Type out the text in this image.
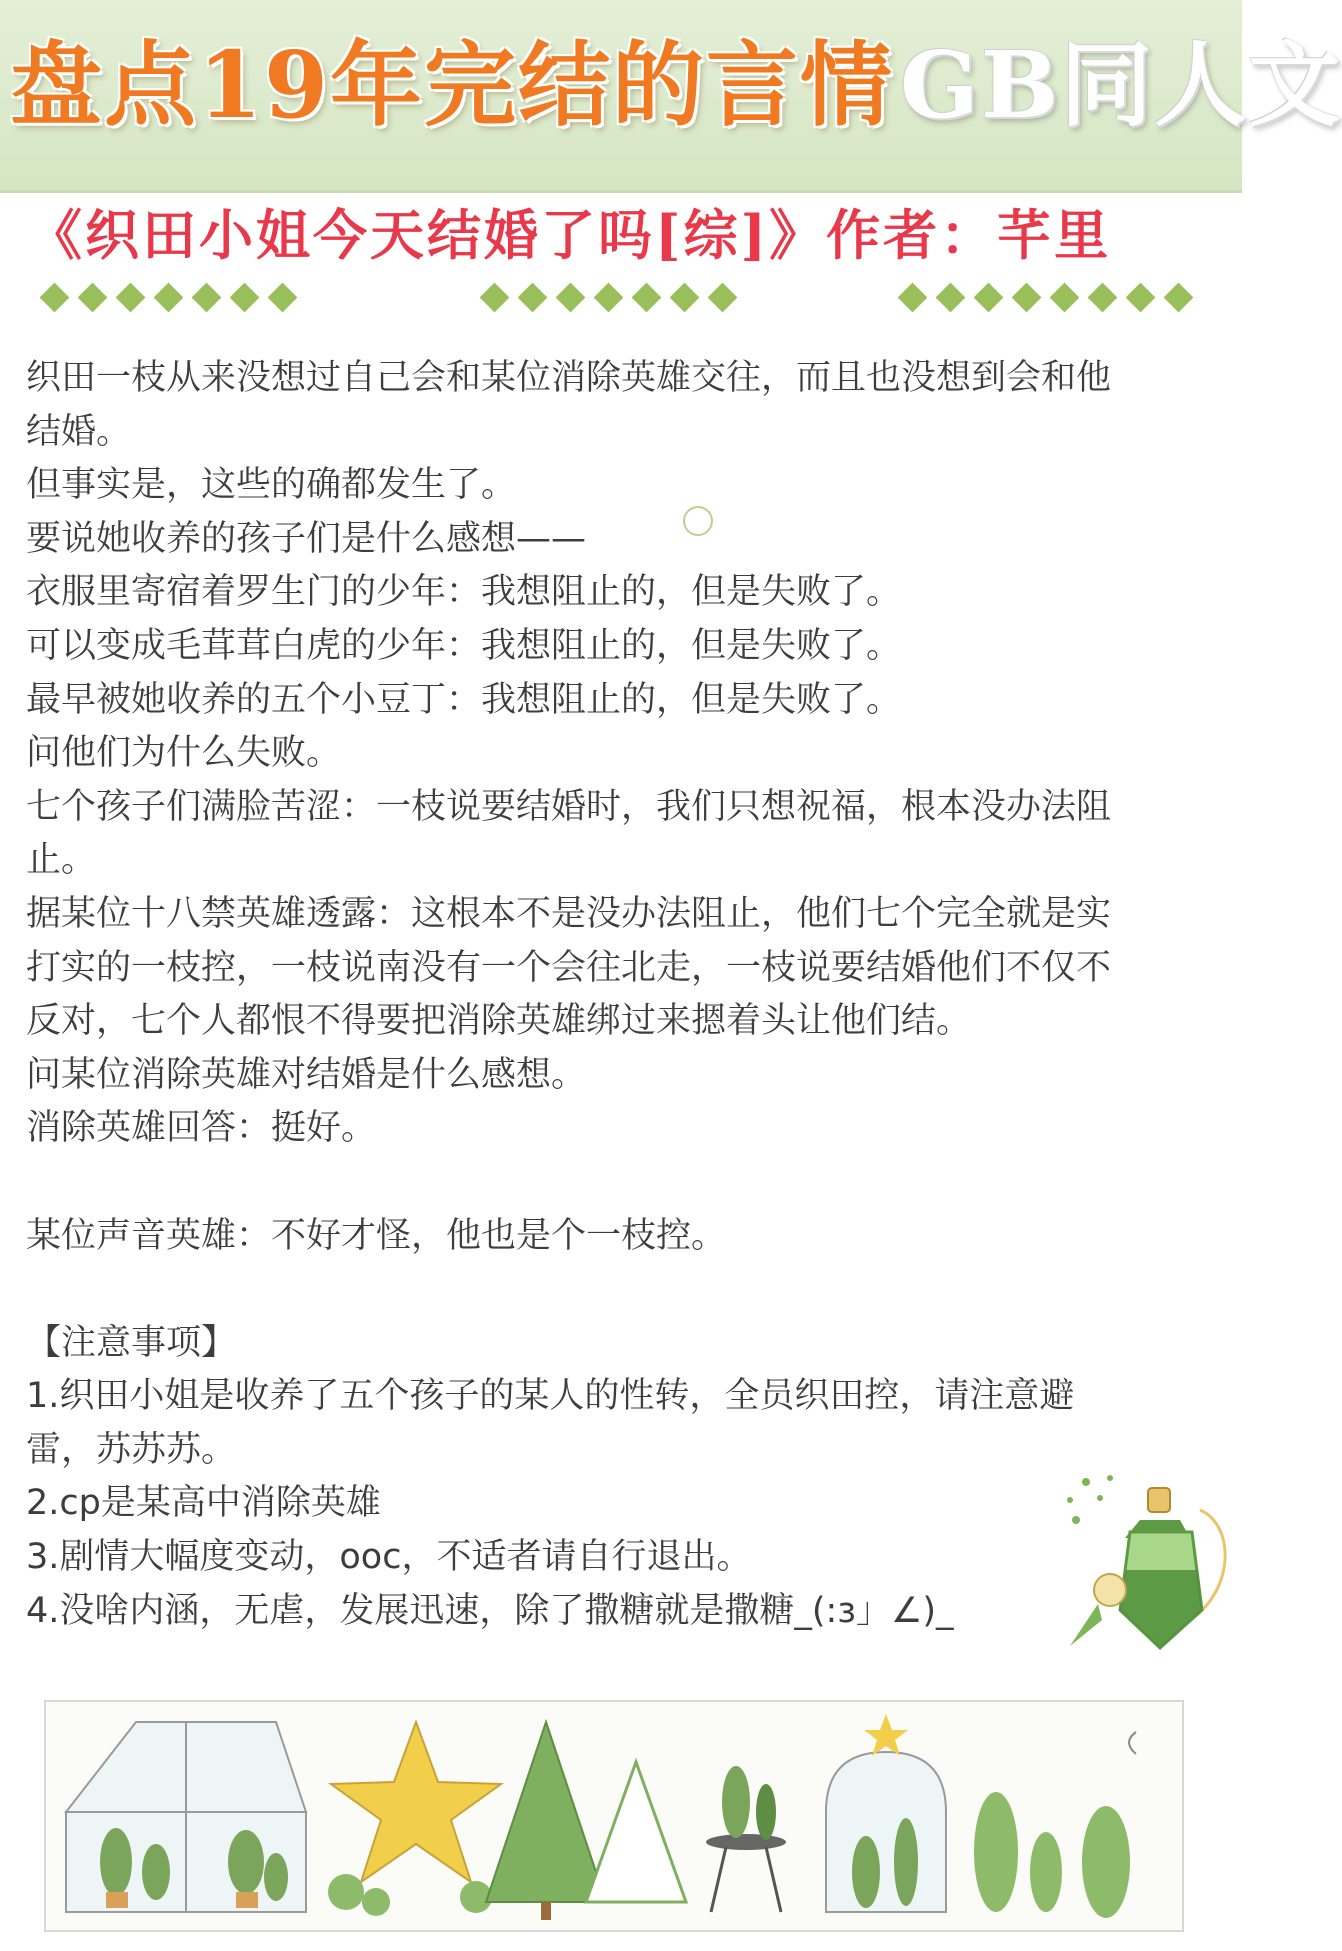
盘点19年完结的言情GB同人文
《织田小姐今天结婚了吗[综]》作者：芊里
织田一枝从来没想过自己会和某位消除英雄交往，而且也没想到会和他
结婚。
但事实是，这些的确都发生了。
要说她收养的孩子们是什么感想——
衣服里寄宿着罗生门的少年：我想阻止的，但是失败了。
可以变成毛茸茸白虎的少年：我想阻止的，但是失败了。
最早被她收养的五个小豆丁：我想阻止的，但是失败了。
问他们为什么失败。
七个孩子们满脸苦涩：一枝说要结婚时，我们只想祝福，根本没办法阻
止。
据某位十八禁英雄透露：这根本不是没办法阻止，他们七个完全就是实
打实的一枝控，一枝说南没有一个会往北走，一枝说要结婚他们不仅不
反对，七个人都恨不得要把消除英雄绑过来摁着头让他们结。
问某位消除英雄对结婚是什么感想。
消除英雄回答：挺好。
某位声音英雄：不好才怪，他也是个一枝控。
【注意事项】
1.织田小姐是收养了五个孩子的某人的性转，全员织田控，请注意避
雷，苏苏苏。
2.cp是某高中消除英雄
3.剧情大幅度变动，ooc，不适者请自行退出。
4.没啥内涵，无虐，发展迅速，除了撒糖就是撒糖_(:з」∠)_
